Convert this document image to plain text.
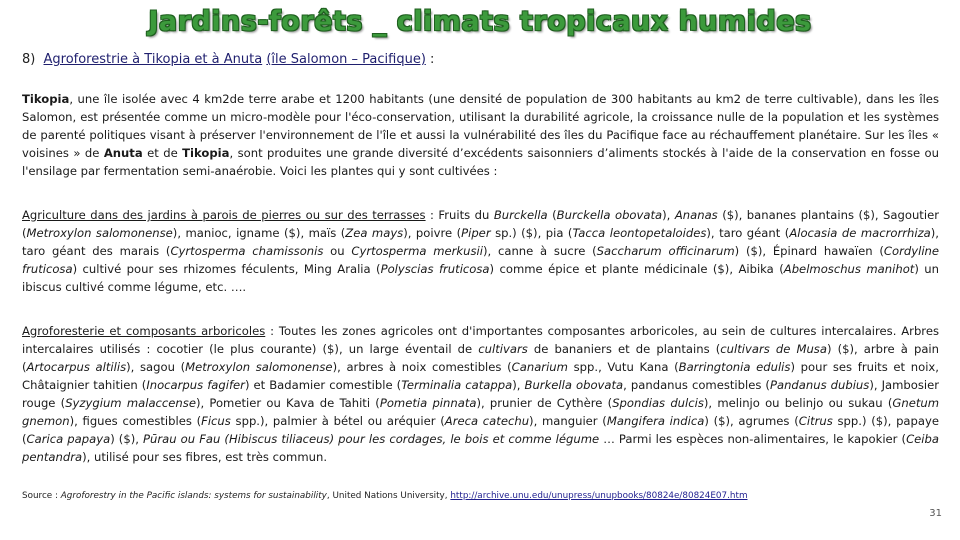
Jardins-forêts _ climats tropicaux humides
8) Agroforestrie à Tikopia et à Anuta (île Salomon – Pacifique) :
Tikopia, une île isolée avec 4 km2de terre arabe et 1200 habitants (une densité de population de 300 habitants au km2 de terre cultivable), dans les îles Salomon, est présentée comme un micro-modèle pour l'éco-conservation, utilisant la durabilité agricole, la croissance nulle de la population et les systèmes de parenté politiques visant à préserver l'environnement de l'île et aussi la vulnérabilité des îles du Pacifique face au réchauffement planétaire. Sur les îles « voisines » de Anuta et de Tikopia, sont produites une grande diversité d’excédents saisonniers d’aliments stockés à l'aide de la conservation en fosse ou l'ensilage par fermentation semi-anaérobie. Voici les plantes qui y sont cultivées :
Agriculture dans des jardins à parois de pierres ou sur des terrasses : Fruits du Burckella (Burckella obovata), Ananas ($), bananes plantains ($), Sagoutier (Metroxylon salomonense), manioc, igname ($), maïs (Zea mays), poivre (Piper sp.) ($), pia (Tacca leontopetaloides), taro géant (Alocasia de macrorrhiza), taro géant des marais (Cyrtosperma chamissonis ou Cyrtosperma merkusii), canne à sucre (Saccharum officinarum) ($), Épinard hawaïen (Cordyline fruticosa) cultivé pour ses rhizomes féculents, Ming Aralia (Polyscias fruticosa) comme épice et plante médicinale ($), Aibika (Abelmoschus manihot) un ibiscus cultivé comme légume, etc. ….
Agroforesterie et composants arboricoles : Toutes les zones agricoles ont d'importantes composantes arboricoles, au sein de cultures intercalaires. Arbres intercalaires utilisés : cocotier (le plus courante) ($), un large éventail de cultivars de bananiers et de plantains (cultivars de Musa) ($), arbre à pain (Artocarpus altilis), sagou (Metroxylon salomonense), arbres à noix comestibles (Canarium spp., Vutu Kana (Barringtonia edulis) pour ses fruits et noix, Châtaignier tahitien (Inocarpus fagifer) et Badamier comestible (Terminalia catappa), Burkella obovata, pandanus comestibles (Pandanus dubius), Jambosier rouge (Syzygium malaccense), Pometier ou Kava de Tahiti (Pometia pinnata), prunier de Cythère (Spondias dulcis), melinjo ou belinjo ou sukau (Gnetum gnemon), figues comestibles (Ficus spp.), palmier à bétel ou aréquier (Areca catechu), manguier (Mangifera indica) ($), agrumes (Citrus spp.) ($), papaye (Carica papaya) ($), Pūrau ou Fau (Hibiscus tiliaceus) pour les cordages, le bois et comme légume … Parmi les espèces non-alimentaires, le kapokier (Ceiba pentandra), utilisé pour ses fibres, est très commun.
Source : Agroforestry in the Pacific islands: systems for sustainability, United Nations University, http://archive.unu.edu/unupress/unupbooks/80824e/80824E07.htm
31
